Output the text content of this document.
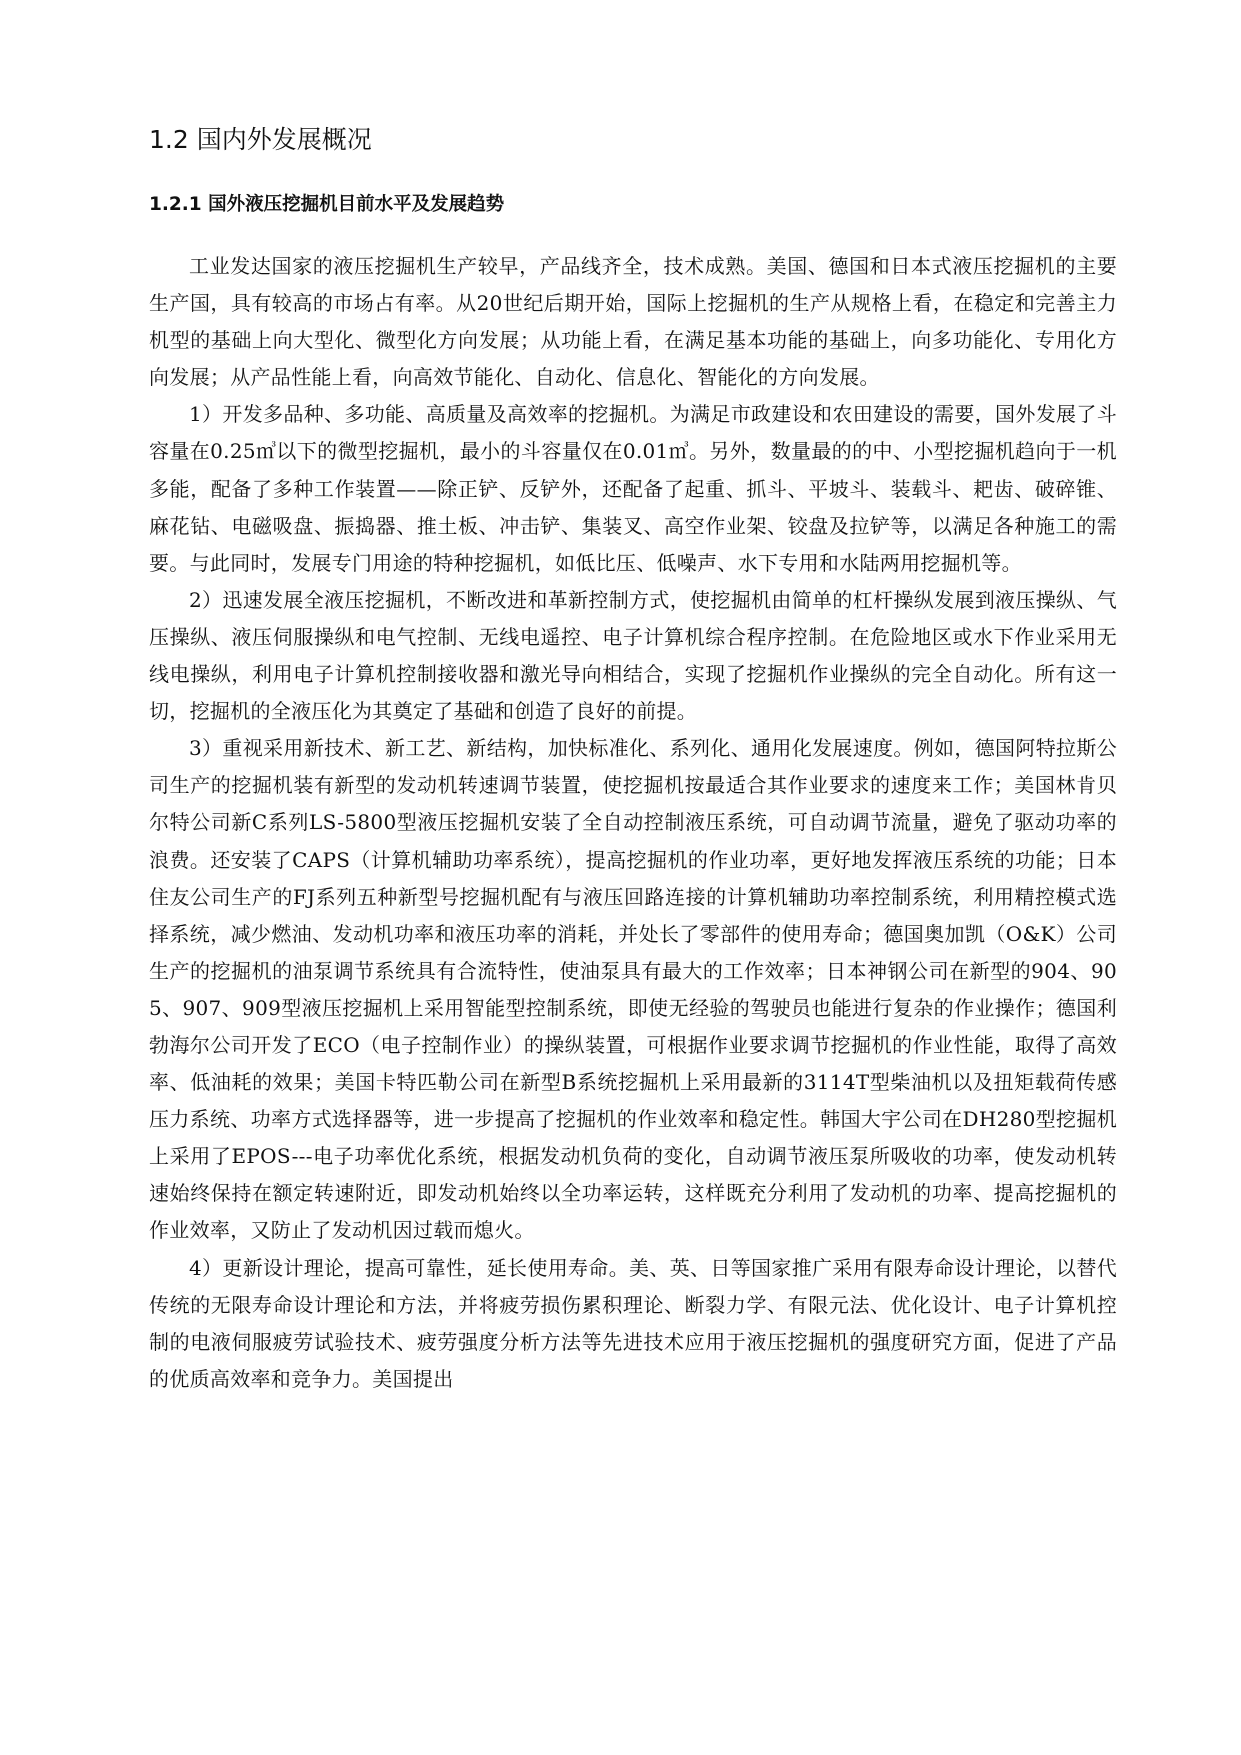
1.2 国内外发展概况
1.2.1 国外液压挖掘机目前水平及发展趋势

工业发达国家的液压挖掘机生产较早，产品线齐全，技术成熟。美国、德国和日本式液压挖掘机的主要生产国，具有较高的市场占有率。从20世纪后期开始，国际上挖掘机的生产从规格上看，在稳定和完善主力机型的基础上向大型化、微型化方向发展；从功能上看，在满足基本功能的基础上，向多功能化、专用化方向发展；从产品性能上看，向高效节能化、自动化、信息化、智能化的方向发展。

1）开发多品种、多功能、高质量及高效率的挖掘机。为满足市政建设和农田建设的需要，国外发展了斗容量在0.25㎥以下的微型挖掘机，最小的斗容量仅在0.01㎥。另外，数量最的的中、小型挖掘机趋向于一机多能，配备了多种工作装置——除正铲、反铲外，还配备了起重、抓斗、平坡斗、装载斗、耙齿、破碎锥、麻花钻、电磁吸盘、振捣器、推土板、冲击铲、集装叉、高空作业架、铰盘及拉铲等，以满足各种施工的需要。与此同时，发展专门用途的特种挖掘机，如低比压、低噪声、水下专用和水陆两用挖掘机等。

2）迅速发展全液压挖掘机，不断改进和革新控制方式，使挖掘机由简单的杠杆操纵发展到液压操纵、气压操纵、液压伺服操纵和电气控制、无线电遥控、电子计算机综合程序控制。在危险地区或水下作业采用无线电操纵，利用电子计算机控制接收器和激光导向相结合，实现了挖掘机作业操纵的完全自动化。所有这一切，挖掘机的全液压化为其奠定了基础和创造了良好的前提。

3）重视采用新技术、新工艺、新结构，加快标准化、系列化、通用化发展速度。例如，德国阿特拉斯公司生产的挖掘机装有新型的发动机转速调节装置，使挖掘机按最适合其作业要求的速度来工作；美国林肯贝尔特公司新C系列LS-5800型液压挖掘机安装了全自动控制液压系统，可自动调节流量，避免了驱动功率的浪费。还安装了CAPS（计算机辅助功率系统），提高挖掘机的作业功率，更好地发挥液压系统的功能；日本住友公司生产的FJ系列五种新型号挖掘机配有与液压回路连接的计算机辅助功率控制系统，利用精控模式选择系统，减少燃油、发动机功率和液压功率的消耗，并处长了零部件的使用寿命；德国奥加凯（O&K）公司生产的挖掘机的油泵调节系统具有合流特性，使油泵具有最大的工作效率；日本神钢公司在新型的904、905、907、909型液压挖掘机上采用智能型控制系统，即使无经验的驾驶员也能进行复杂的作业操作；德国利勃海尔公司开发了ECO（电子控制作业）的操纵装置，可根据作业要求调节挖掘机的作业性能，取得了高效率、低油耗的效果；美国卡特匹勒公司在新型B系统挖掘机上采用最新的3114T型柴油机以及扭矩载荷传感压力系统、功率方式选择器等，进一步提高了挖掘机的作业效率和稳定性。韩国大宇公司在DH280型挖掘机上采用了EPOS---电子功率优化系统，根据发动机负荷的变化，自动调节液压泵所吸收的功率，使发动机转速始终保持在额定转速附近，即发动机始终以全功率运转，这样既充分利用了发动机的功率、提高挖掘机的作业效率，又防止了发动机因过载而熄火。

4）更新设计理论，提高可靠性，延长使用寿命。美、英、日等国家推广采用有限寿命设计理论，以替代传统的无限寿命设计理论和方法，并将疲劳损伤累积理论、断裂力学、有限元法、优化设计、电子计算机控制的电液伺服疲劳试验技术、疲劳强度分析方法等先进技术应用于液压挖掘机的强度研究方面，促进了产品的优质高效率和竞争力。美国提出
